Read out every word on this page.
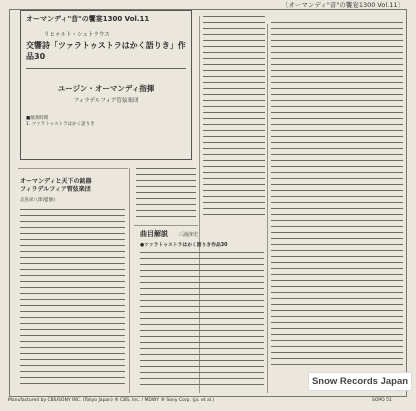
〔オーマンディ"音"の饗宴1300 Vol.11〕
オーマンディ"音"の饗宴1300 Vol.11
リヒャルト・シュトラウス
交響詩「ツァラトゥストラはかく語りき」作品30
ユージン・オーマンディ指揮
フィラデルフィア管弦楽団
■演奏時間
1. ツァラトゥストラはかく語りき
オーマンディと天下の銘器フィラデルフィア管弦楽団
志鳥栄八郎(監修)
曲目解説 三浦淳史
●ツァラトゥストラはかく語りき作品30
Manufactured by CBS/SONY INC. (Tokyo Japan) ® CBS, Inc. / MDWY ® Sony Corp. (ja. et al.)	SOPO 51
Snow Records Japan
